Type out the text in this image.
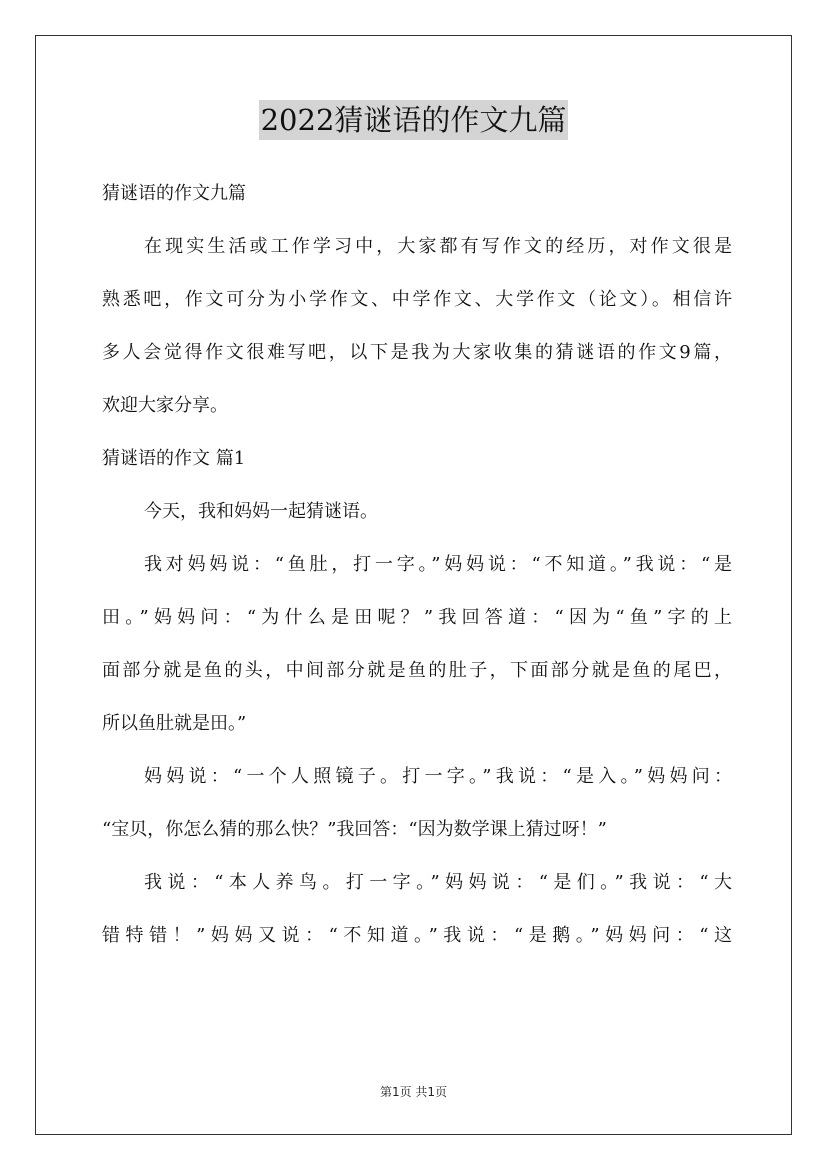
2022猜谜语的作文九篇

猜谜语的作文九篇

在现实生活或工作学习中，大家都有写作文的经历，对作文很是

熟悉吧，作文可分为小学作文、中学作文、大学作文（论文）。相信许

多人会觉得作文很难写吧，以下是我为大家收集的猜谜语的作文9篇，

欢迎大家分享。

猜谜语的作文 篇1

今天，我和妈妈一起猜谜语。

我对妈妈说：“鱼肚，打一字。”妈妈说：“不知道。”我说：“是

田。”妈妈问：“为什么是田呢？”我回答道：“因为“鱼”字的上

面部分就是鱼的头，中间部分就是鱼的肚子，下面部分就是鱼的尾巴，

所以鱼肚就是田。”

妈妈说：“一个人照镜子。打一字。”我说：“是入。”妈妈问：

“宝贝，你怎么猜的那么快？”我回答：“因为数学课上猜过呀！”

我说：“本人养鸟。打一字。”妈妈说：“是们。”我说：“大

错特错！”妈妈又说：“不知道。”我说：“是鹅。”妈妈问：“这

第1页 共1页
